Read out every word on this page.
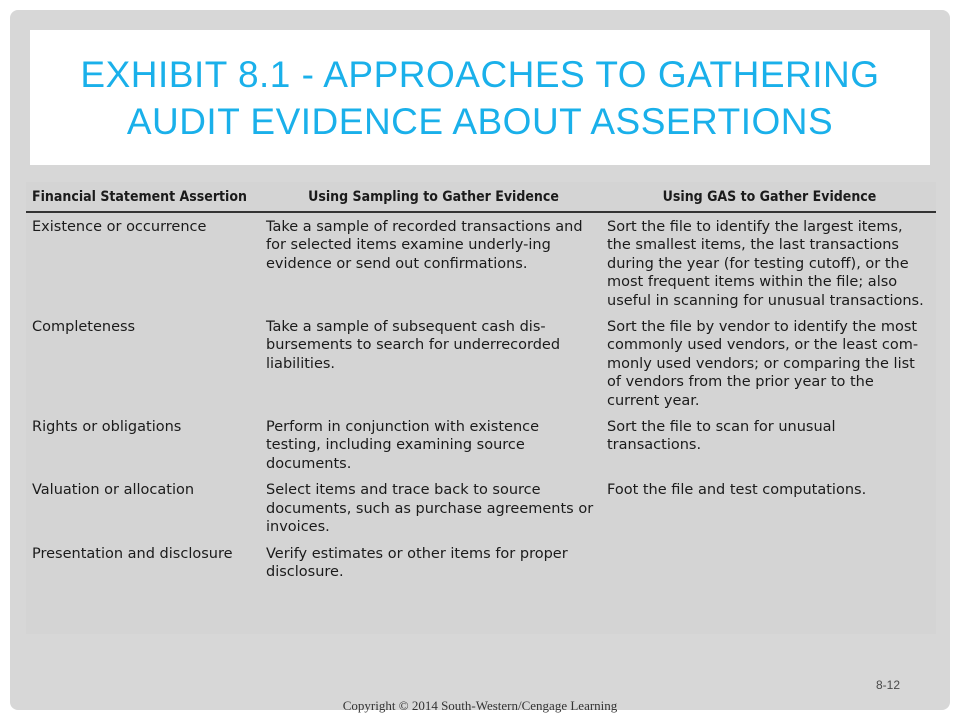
EXHIBIT 8.1 - APPROACHES TO GATHERING
AUDIT EVIDENCE ABOUT ASSERTIONS
Financial Statement Assertion	Using Sampling to Gather Evidence	Using GAS to Gather Evidence
Existence or occurrence	Take a sample of recorded transactions and for selected items examine underly-ing evidence or send out confirmations.	Sort the file to identify the largest items, the smallest items, the last transactions during the year (for testing cutoff), or the most frequent items within the file; also useful in scanning for unusual transactions.
Completeness	Take a sample of subsequent cash dis-bursements to search for underrecorded liabilities.	Sort the file by vendor to identify the most commonly used vendors, or the least com-monly used vendors; or comparing the list of vendors from the prior year to the current year.
Rights or obligations	Perform in conjunction with existence testing, including examining source documents.	Sort the file to scan for unusual transactions.
Valuation or allocation	Select items and trace back to source documents, such as purchase agreements or invoices.	Foot the file and test computations.
Presentation and disclosure	Verify estimates or other items for proper disclosure.	
8-12
Copyright © 2014 South-Western/Cengage Learning
